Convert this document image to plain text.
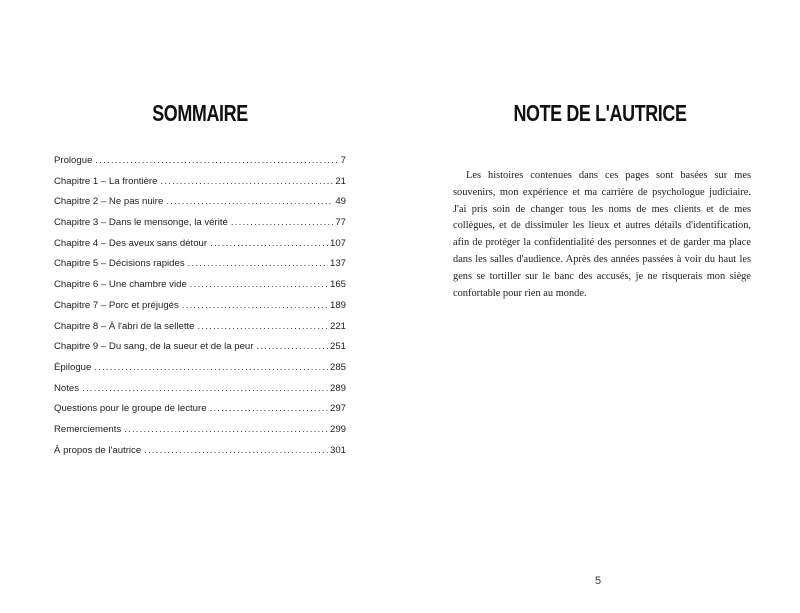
SOMMAIRE
Prologue .....	7
Chapitre 1 – La frontière .....	21
Chapitre 2 – Ne pas nuire .....	49
Chapitre 3 – Dans le mensonge, la vérité .....	77
Chapitre 4 – Des aveux sans détour .....	107
Chapitre 5 – Décisions rapides .....	137
Chapitre 6 – Une chambre vide .....	165
Chapitre 7 – Porc et préjugés .....	189
Chapitre 8 – À l'abri de la sellette .....	221
Chapitre 9 – Du sang, de la sueur et de la peur .....	251
Épilogue .....	285
Notes .....	289
Questions pour le groupe de lecture .....	297
Remerciements .....	299
À propos de l'autrice .....	301
NOTE DE L'AUTRICE

Les histoires contenues dans ces pages sont basées sur mes souvenirs, mon expérience et ma carrière de psychologue judiciaire. J'ai pris soin de changer tous les noms de mes clients et de mes collègues, et de dissimuler les lieux et autres détails d'identification, afin de protéger la confidentialité des personnes et de garder ma place dans les salles d'audience. Après des années passées à voir du haut les gens se tortiller sur le banc des accusés, je ne risquerais mon siège confortable pour rien au monde.

5
